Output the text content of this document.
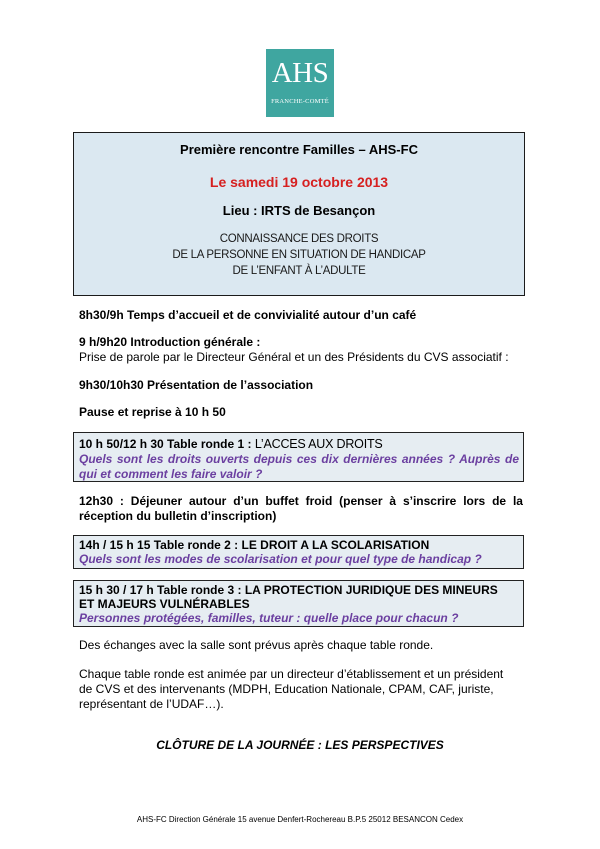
AHS
FRANCHE-COMTÉ
Première rencontre Familles – AHS-FC
Le samedi 19 octobre 2013
Lieu : IRTS de Besançon
CONNAISSANCE DES DROITS
DE LA PERSONNE EN SITUATION DE HANDICAP
DE L’ENFANT À L’ADULTE
8h30/9h Temps d’accueil et de convivialité autour d’un café
9 h/9h20 Introduction générale :
Prise de parole par le Directeur Général et un des Présidents du CVS associatif :
9h30/10h30 Présentation de l’association
Pause et reprise à 10 h 50
10 h 50/12 h 30 Table ronde 1 : L’ACCES AUX DROITS
Quels sont les droits ouverts depuis ces dix dernières années ? Auprès de
qui et comment les faire valoir ?
12h30 : Déjeuner autour d’un buffet froid (penser à s’inscrire lors de la
réception du bulletin d’inscription)
14h / 15 h 15 Table ronde 2 : LE DROIT A LA SCOLARISATION
Quels sont les modes de scolarisation et pour quel type de handicap ?
15 h 30 / 17 h Table ronde 3 : LA PROTECTION JURIDIQUE DES MINEURS
ET MAJEURS VULNÉRABLES
Personnes protégées, familles, tuteur : quelle place pour chacun ?
Des échanges avec la salle sont prévus après chaque table ronde.
Chaque table ronde est animée par un directeur d’établissement et un président
de CVS et des intervenants (MDPH, Education Nationale, CPAM, CAF, juriste,
représentant de l’UDAF…).
CLÔTURE DE LA JOURNÉE : LES PERSPECTIVES
AHS-FC Direction Générale 15 avenue Denfert-Rochereau B.P.5 25012 BESANCON Cedex
